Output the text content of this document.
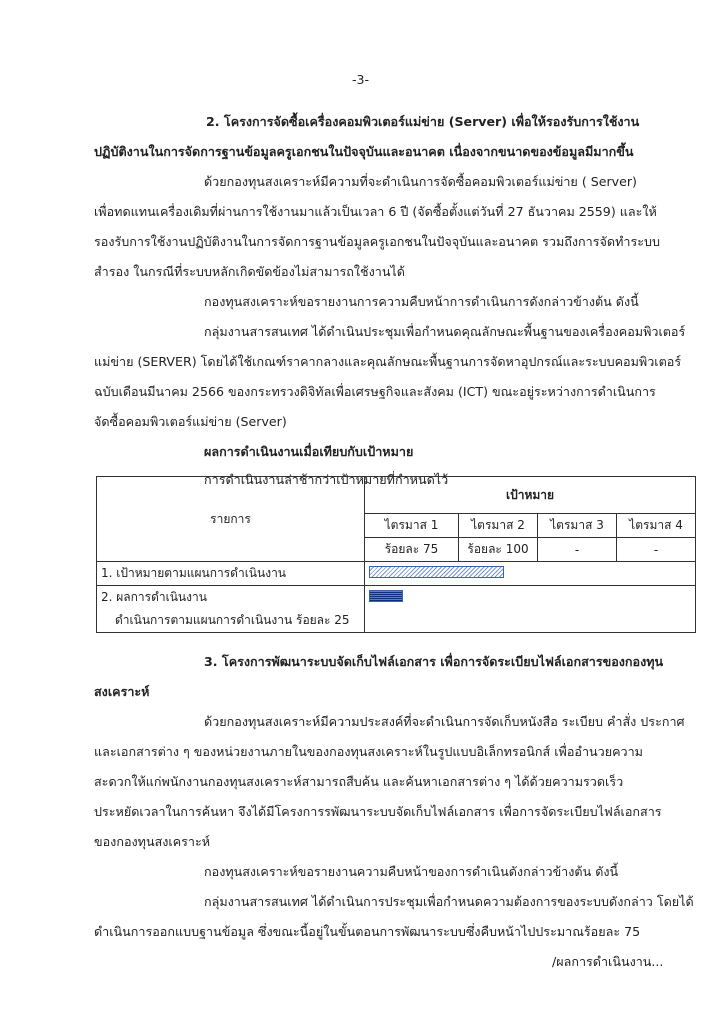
-3-
2. โครงการจัดซื้อเครื่องคอมพิวเตอร์แม่ข่าย (Server) เพื่อให้รองรับการใช้งาน
ปฏิบัติงานในการจัดการฐานข้อมูลครูเอกชนในปัจจุบันและอนาคต เนื่องจากขนาดของข้อมูลมีมากขึ้น
ด้วยกองทุนสงเคราะห์มีความที่จะดำเนินการจัดซื้อคอมพิวเตอร์แม่ข่าย ( Server)
เพื่อทดแทนเครื่องเดิมที่ผ่านการใช้งานมาแล้วเป็นเวลา 6 ปี (จัดซื้อตั้งแต่วันที่ 27 ธันวาคม 2559) และให้
รองรับการใช้งานปฏิบัติงานในการจัดการฐานข้อมูลครูเอกชนในปัจจุบันและอนาคต รวมถึงการจัดทำระบบ
สำรอง ในกรณีที่ระบบหลักเกิดขัดข้องไม่สามารถใช้งานได้
กองทุนสงเคราะห์ขอรายงานการความคืบหน้าการดำเนินการดังกล่าวข้างต้น ดังนี้
กลุ่มงานสารสนเทศ ได้ดำเนินประชุมเพื่อกำหนดคุณลักษณะพื้นฐานของเครื่องคอมพิวเตอร์
แม่ข่าย (SERVER) โดยได้ใช้เกณฑ์ราคากลางและคุณลักษณะพื้นฐานการจัดหาอุปกรณ์และระบบคอมพิวเตอร์
ฉบับเดือนมีนาคม 2566 ของกระทรวงดิจิทัลเพื่อเศรษฐกิจและสังคม (ICT) ขณะอยู่ระหว่างการดำเนินการ
จัดซื้อคอมพิวเตอร์แม่ข่าย (Server)
ผลการดำเนินงานเมื่อเทียบกับเป้าหมาย
การดำเนินงานล่าช้ากว่าเป้าหมายที่กำหนดไว้
รายการ	เป้าหมาย			
	ไตรมาส 1	ไตรมาส 2	ไตรมาส 3	ไตรมาส 4
	ร้อยละ 75	ร้อยละ 100	-	-
1. เป้าหมายตามแผนการดำเนินงาน				

2. ผลการดำเนินงาน				

ดำเนินการตามแผนการดำเนินงาน ร้อยละ 25				
3. โครงการพัฒนาระบบจัดเก็บไฟล์เอกสาร เพื่อการจัดระเบียบไฟล์เอกสารของกองทุน
สงเคราะห์
ด้วยกองทุนสงเคราะห์มีความประสงค์ที่จะดำเนินการจัดเก็บหนังสือ ระเบียบ คำสั่ง ประกาศ
และเอกสารต่าง ๆ ของหน่วยงานภายในของกองทุนสงเคราะห์ในรูปแบบอิเล็กทรอนิกส์ เพื่ออำนวยความ
สะดวกให้แก่พนักงานกองทุนสงเคราะห์สามารถสืบค้น และค้นหาเอกสารต่าง ๆ ได้ด้วยความรวดเร็ว
ประหยัดเวลาในการค้นหา จึงได้มีโครงการรพัฒนาระบบจัดเก็บไฟล์เอกสาร เพื่อการจัดระเบียบไฟล์เอกสาร
ของกองทุนสงเคราะห์
กองทุนสงเคราะห์ขอรายงานความคืบหน้าของการดำเนินดังกล่าวข้างต้น ดังนี้
กลุ่มงานสารสนเทศ ได้ดำเนินการประชุมเพื่อกำหนดความต้องการของระบบดังกล่าว โดยได้
ดำเนินการออกแบบฐานข้อมูล ซึ่งขณะนี้อยู่ในขั้นตอนการพัฒนาระบบซึ่งคืบหน้าไปประมาณร้อยละ 75
/ผลการดำเนินงาน...
